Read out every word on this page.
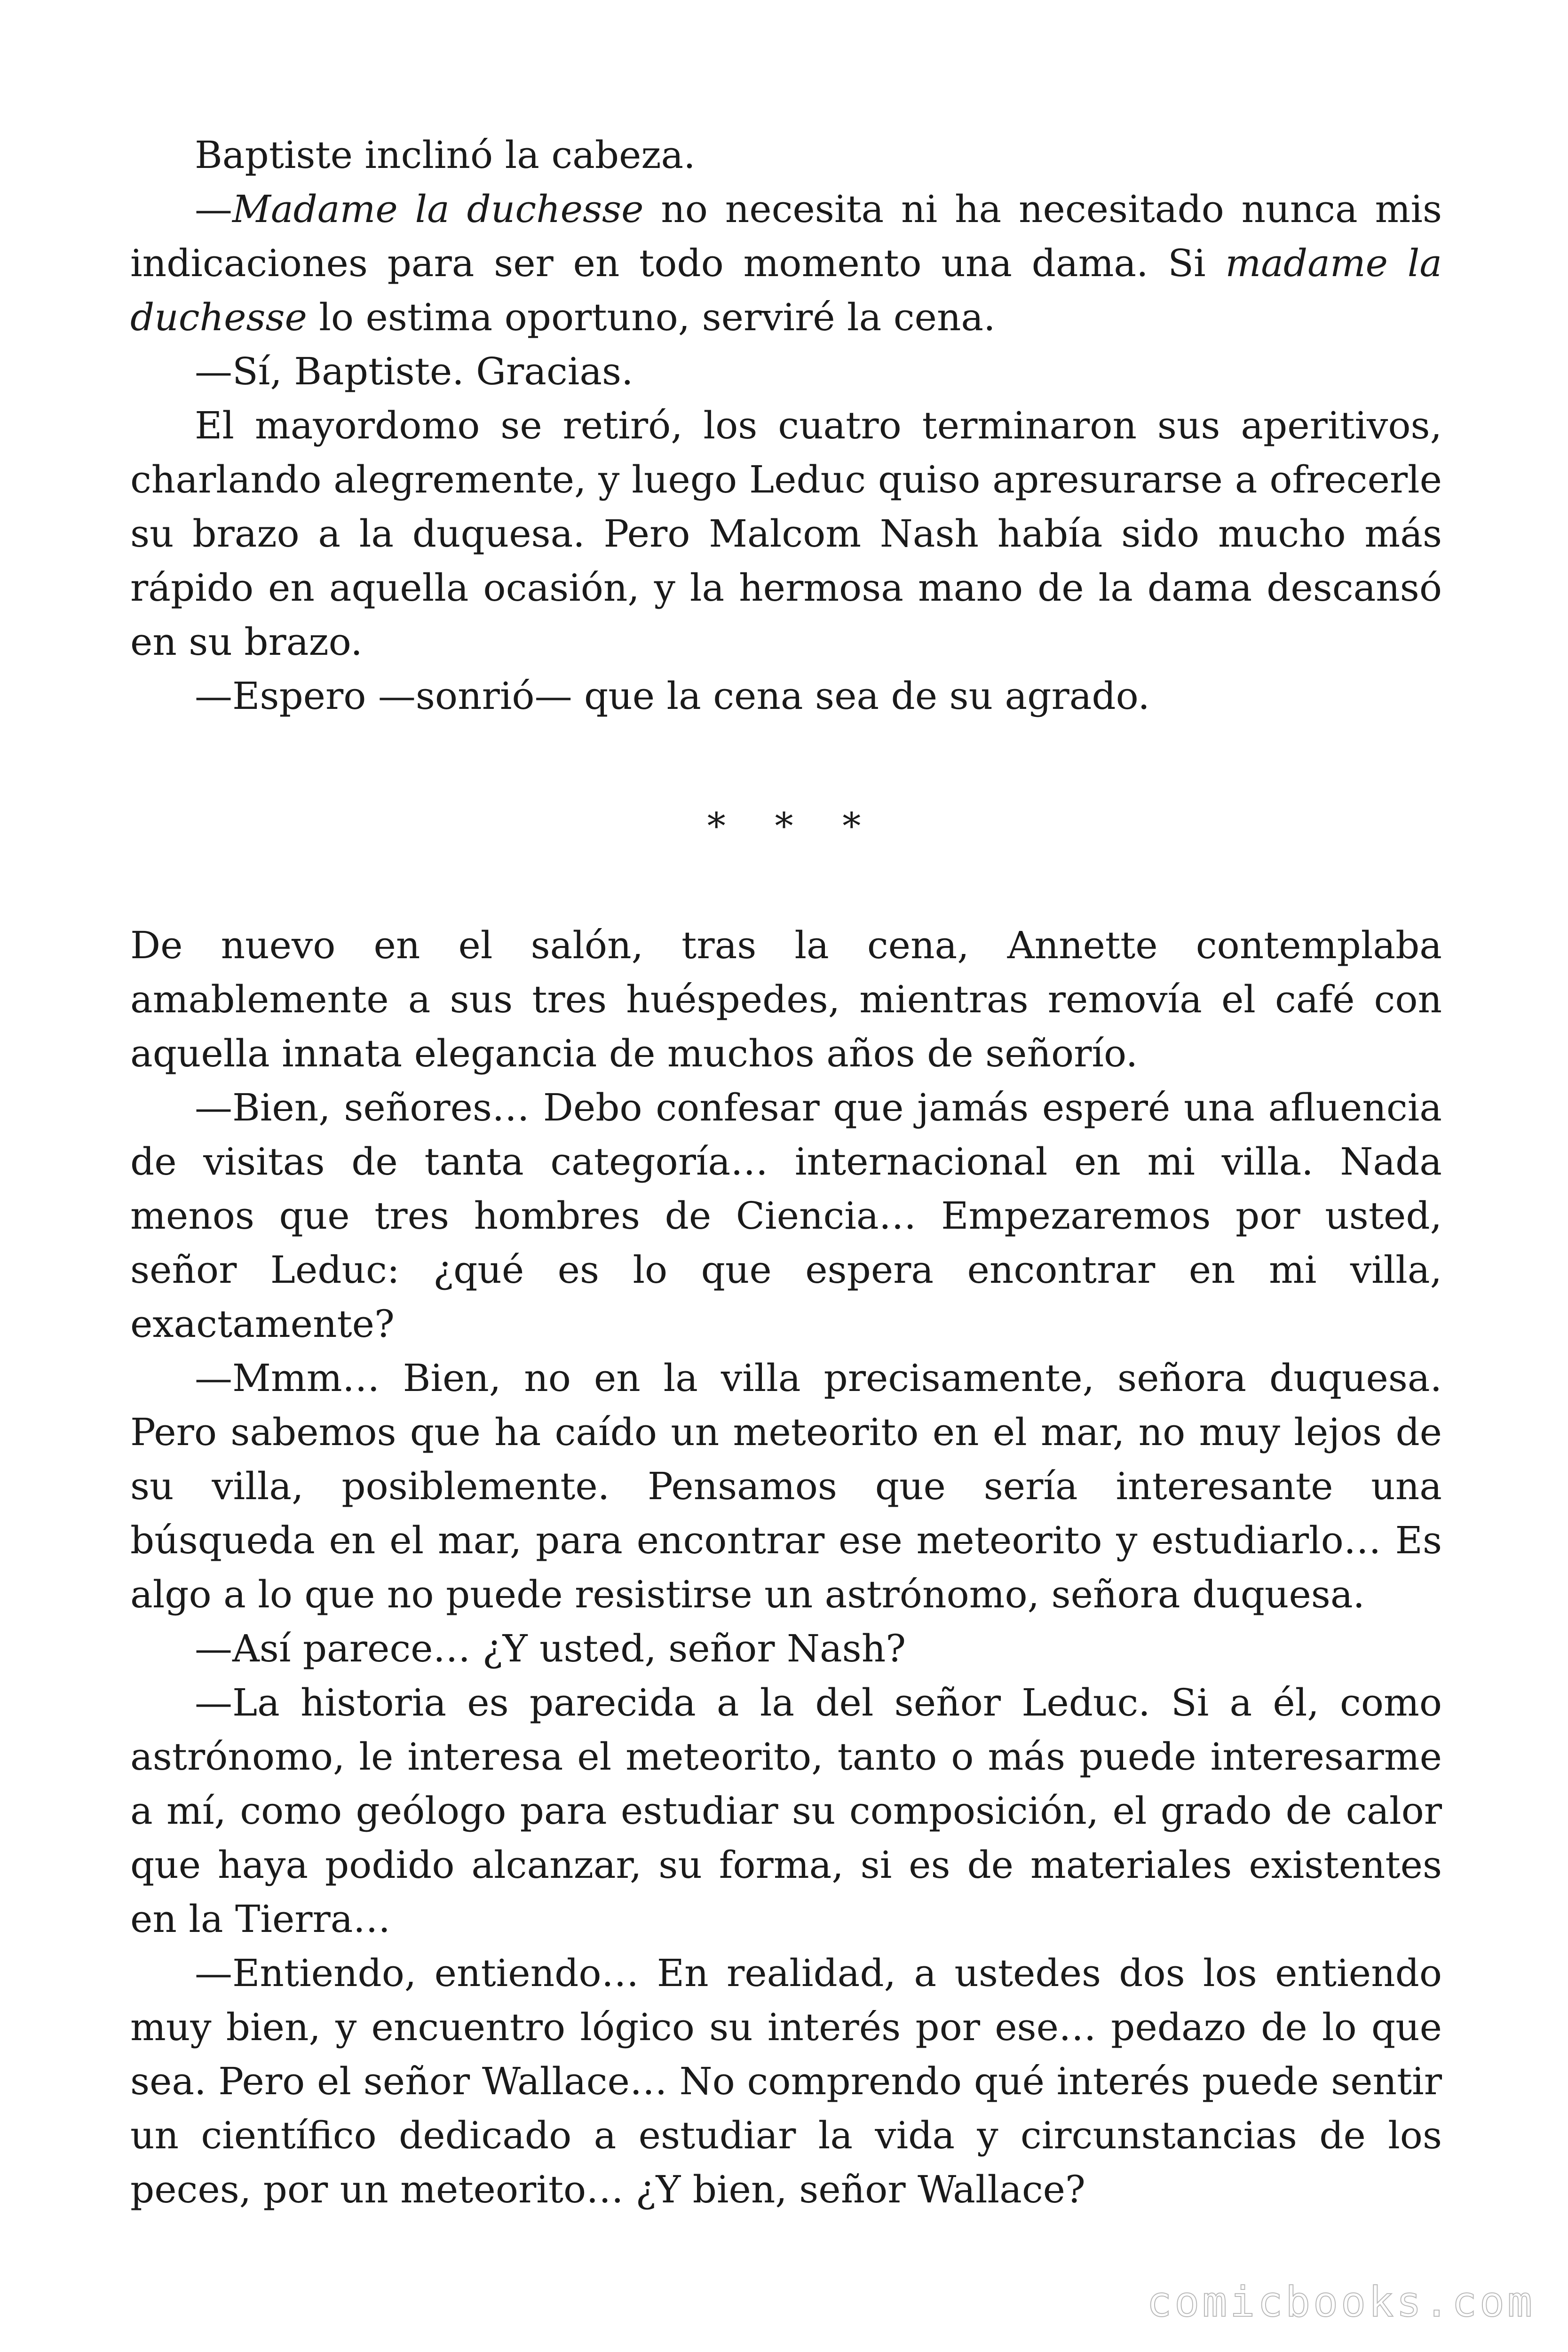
Baptiste inclinó la cabeza.

—Madame la duchesse no necesita ni ha necesitado nunca mis indicaciones para ser en todo momento una dama. Si madame la duchesse lo estima oportuno, serviré la cena.

—Sí, Baptiste. Gracias.

El mayordomo se retiró, los cuatro terminaron sus aperitivos, charlando alegremente, y luego Leduc quiso apresurarse a ofrecerle su brazo a la duquesa. Pero Malcom Nash había sido mucho más rápido en aquella ocasión, y la hermosa mano de la dama descansó en su brazo.

—Espero —sonrió— que la cena sea de su agrado.

* * *

De nuevo en el salón, tras la cena, Annette contemplaba amablemente a sus tres huéspedes, mientras removía el café con aquella innata elegancia de muchos años de señorío.

—Bien, señores… Debo confesar que jamás esperé una afluencia de visitas de tanta categoría… internacional en mi villa. Nada menos que tres hombres de Ciencia… Empezaremos por usted, señor Leduc: ¿qué es lo que espera encontrar en mi villa, exactamente?

—Mmm… Bien, no en la villa precisamente, señora duquesa. Pero sabemos que ha caído un meteorito en el mar, no muy lejos de su villa, posiblemente. Pensamos que sería interesante una búsqueda en el mar, para encontrar ese meteorito y estudiarlo… Es algo a lo que no puede resistirse un astrónomo, señora duquesa.

—Así parece… ¿Y usted, señor Nash?

—La historia es parecida a la del señor Leduc. Si a él, como astrónomo, le interesa el meteorito, tanto o más puede interesarme a mí, como geólogo para estudiar su composición, el grado de calor que haya podido alcanzar, su forma, si es de materiales existentes en la Tierra…

—Entiendo, entiendo… En realidad, a ustedes dos los entiendo muy bien, y encuentro lógico su interés por ese… pedazo de lo que sea. Pero el señor Wallace… No comprendo qué interés puede sentir un científico dedicado a estudiar la vida y circunstancias de los peces, por un meteorito… ¿Y bien, señor Wallace?

comicbooks.com
